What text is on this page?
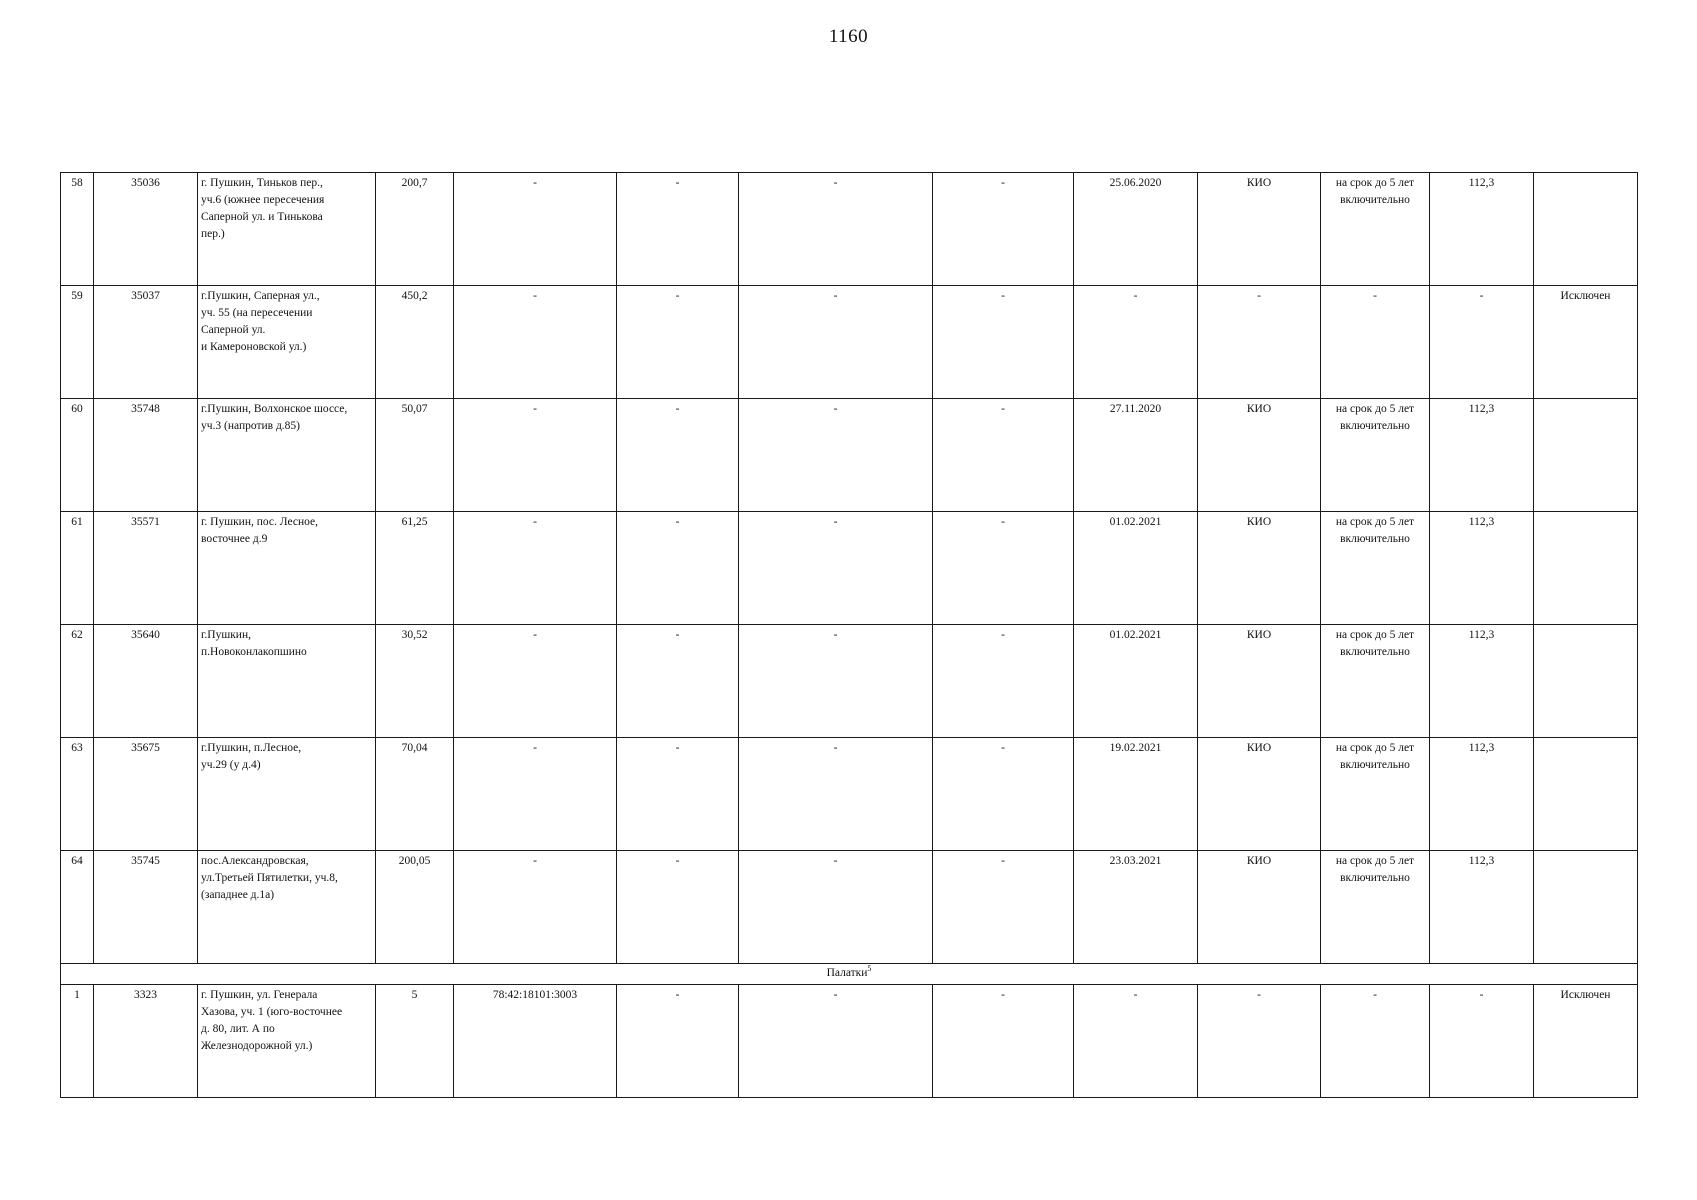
1160
58	35036	г. Пушкин, Тиньков пер.,
уч.6 (южнее пересечения
Саперной ул. и Тинькова
пер.)	200,7	-	-	-	-	25.06.2020	КИО	на срок до 5 лет
включительно	112,3	
59	35037	г.Пушкин, Саперная ул.,
уч. 55 (на пересечении
Саперной ул.
и Камероновской ул.)	450,2	-	-	-	-	-	-	-	-	Исключен
60	35748	г.Пушкин, Волхонское шоссе,
уч.3 (напротив д.85)	50,07	-	-	-	-	27.11.2020	КИО	на срок до 5 лет
включительно	112,3	
61	35571	г. Пушкин, пос. Лесное,
восточнее д.9	61,25	-	-	-	-	01.02.2021	КИО	на срок до 5 лет
включительно	112,3	
62	35640	г.Пушкин,
п.Новоконлакопшино	30,52	-	-	-	-	01.02.2021	КИО	на срок до 5 лет
включительно	112,3	
63	35675	г.Пушкин, п.Лесное,
уч.29 (у д.4)	70,04	-	-	-	-	19.02.2021	КИО	на срок до 5 лет
включительно	112,3	
64	35745	пос.Александровская,
ул.Третьей Пятилетки, уч.8,
(западнее д.1а)	200,05	-	-	-	-	23.03.2021	КИО	на срок до 5 лет
включительно	112,3	
Палатки$^5$
1	3323	г. Пушкин, ул. Генерала
Хазова, уч. 1 (юго-восточнее
д. 80, лит. А по
Железнодорожной ул.)	5	78:42:18101:3003	-	-	-	-	-	-	-	Исключен
